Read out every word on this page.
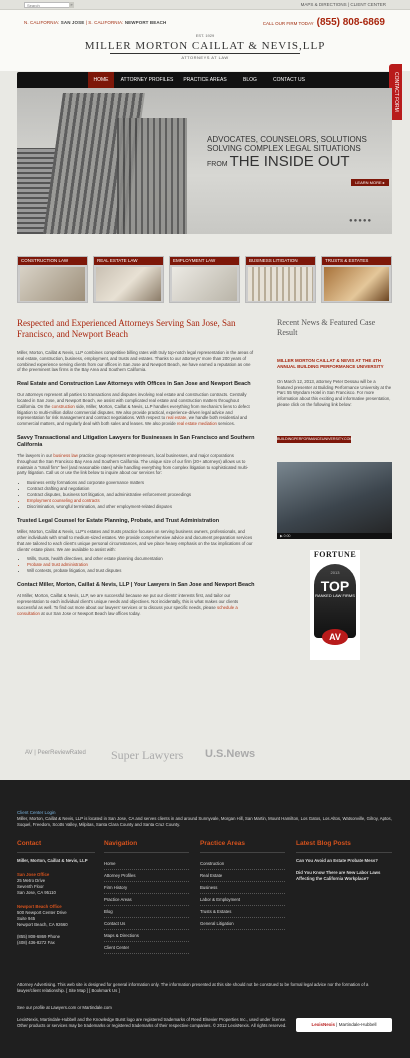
Search	»	MAPS & DIRECTIONS | CLIENT CENTER
N. CALIFORNIA: SAN JOSE | S. CALIFORNIA: NEWPORT BEACH	CALL OUR FIRM TODAY (855) 808-6869
EST. 1929
MILLER MORTON CAILLAT & NEVIS,LLP
ATTORNEYS AT LAW
HOME	ATTORNEY PROFILES	PRACTICE AREAS	BLOG	CONTACT US	CONTACT FORM
ADVOCATES, COUNSELORS, SOLUTIONS
SOLVING COMPLEX LEGAL SITUATIONS
FROM THE INSIDE OUT
LEARN MORE ▸
●●●●●
CONSTRUCTION LAW	REAL ESTATE LAW	EMPLOYMENT LAW	BUSINESS LITIGATION	TRUSTS & ESTATES
Respected and Experienced Attorneys Serving San Jose, San Francisco, and Newport Beach
Miller, Morton, Caillat & Nevis, LLP combines competitive billing rates with truly top-notch legal representation in the areas of real estate, construction, business, employment, and trusts and estates. Thanks to our attorneys' more than 200 years of combined experience serving clients from our offices in San Jose and Newport Beach, we have earned a reputation as one of the preeminent law firms in the Bay Area and Southern California.
Real Estate and Construction Law Attorneys with Offices in San Jose and Newport Beach
Our attorneys represent all parties to transactions and disputes involving real estate and construction contracts. Centrally located in San Jose, and Newport Beach, we assist with complicated real estate and construction matters throughout California. On the construction side, Miller, Morton, Caillat & Nevis, LLP handles everything from mechanic's liens to defect litigation to multi-million dollar commercial disputes. We also provide practical, experience-driven legal advice and representation for risk management and contract negotiations. With respect to real estate, we handle both residential and commercial matters, and regularly deal with both sales and leases. We also provide real estate mediation services.
Savvy Transactional and Litigation Lawyers for Businesses in San Francisco and Southern California
The lawyers in our business law practice group represent entrepreneurs, local businesses, and major corporations throughout the San Francisco Bay Area and Southern California. The unique size of our firm (20+ attorneys) allows us to maintain a "small firm" feel (and reasonable rates) while handling everything from complex litigation to sophisticated multi-party litigation. Call us or use the link below to inquire about our services for:
• Business entity formations and corporate governance matters
• Contract drafting and negotiation
• Contract disputes, business tort litigation, and administrative enforcement proceedings
• Employment counseling and contracts
• Discrimination, wrongful termination, and other employment-related disputes
Trusted Legal Counsel for Estate Planning, Probate, and Trust Administration
Miller, Morton, Caillat & Nevis, LLP's estates and trusts practice focuses on serving business owners, professionals, and other individuals with small to medium-sized estates. We provide comprehensive advice and document preparation services that are tailored to each client's unique personal circumstances, and we place heavy emphasis on the tax implications of our clients' estate plans. We are available to assist with:
• Wills, trusts, health directives, and other estate planning documentation
• Probate and trust administration
• Will contests, probate litigation, and trust disputes
Contact Miller, Morton, Caillat & Nevis, LLP | Your Lawyers in San Jose and Newport Beach
At Miller, Morton, Caillat & Nevis, LLP, we are successful because we put our clients' interests first, and tailor our representation to each individual client's unique needs and objectives. Not incidentally, this is what makes our clients successful as well. To find out more about our lawyers' services or to discuss your specific needs, please schedule a consultation at our San Jose or Newport Beach law offices today.
AV | PeerReviewRated Super Lawyers U.S.News
Recent News & Featured Case Result
MILLER MORTON CAILLAT & NEVIS AT THE 4TH ANNUAL BUILDING PERFORMANCE UNIVERSITY
On March 12, 2013, attorney Peter Dessau will be a featured presenter at Building Performance University at the Parc 55 Wyndam Hotel in San Francisco. For more information about this exciting and informative presentation, please click on the following link below:
BUILDINGPERFORMANCEUNIVERSITY.COM
▶ 0:00
FORTUNE
2013
TOP
RANKED LAW FIRMS
AV
Client Center Login
Miller, Morton, Caillat & Nevis, LLP is located in San Jose, CA and serves clients in and around Sunnyvale, Morgan Hill, San Martin, Mount Hamilton, Los Gatos, Los Altos, Watsonville, Gilroy, Aptos, Soquel, Freedom, Scotts Valley, Milpitas, Santa Clara County and Santa Cruz County.
Contact	Navigation	Practice Areas	Latest Blog Posts
Miller, Morton, Caillat & Nevis, LLP
San Jose Office
25 Metro Drive
Seventh Floor
San Jose, CA 95110
Newport Beach Office
500 Newport Center Drive
Suite 945
Newport Beach, CA 92660
(855) 808-6869 Phone
(408) 436-8272 Fax
Home
Attorney Profiles
Firm History
Practice Areas
Blog
Contact Us
Maps & Directions
Client Center
Construction
Real Estate
Business
Labor & Employment
Trusts & Estates
General Litigation
Can You Avoid an Estate Probate Mess?
Did You Know There are New Labor Laws Affecting the California Workplace?
Attorney Advertising. This web site is designed for general information only. The information presented at this site should not be construed to be formal legal advice nor the formation of a lawyer/client relationship. [ Site Map ] [ Bookmark Us ]
See our profile at Lawyers.com or Martindale.com
LexisNexis, Martindale-Hubbell and the Knowledge Burst logo are registered trademarks of Reed Elsevier Properties Inc., used under license. Other products or services may be trademarks or registered trademarks of their respective companies. © 2012 LexisNexis. All rights reserved.	LexisNexis | Martindale-Hubbell
